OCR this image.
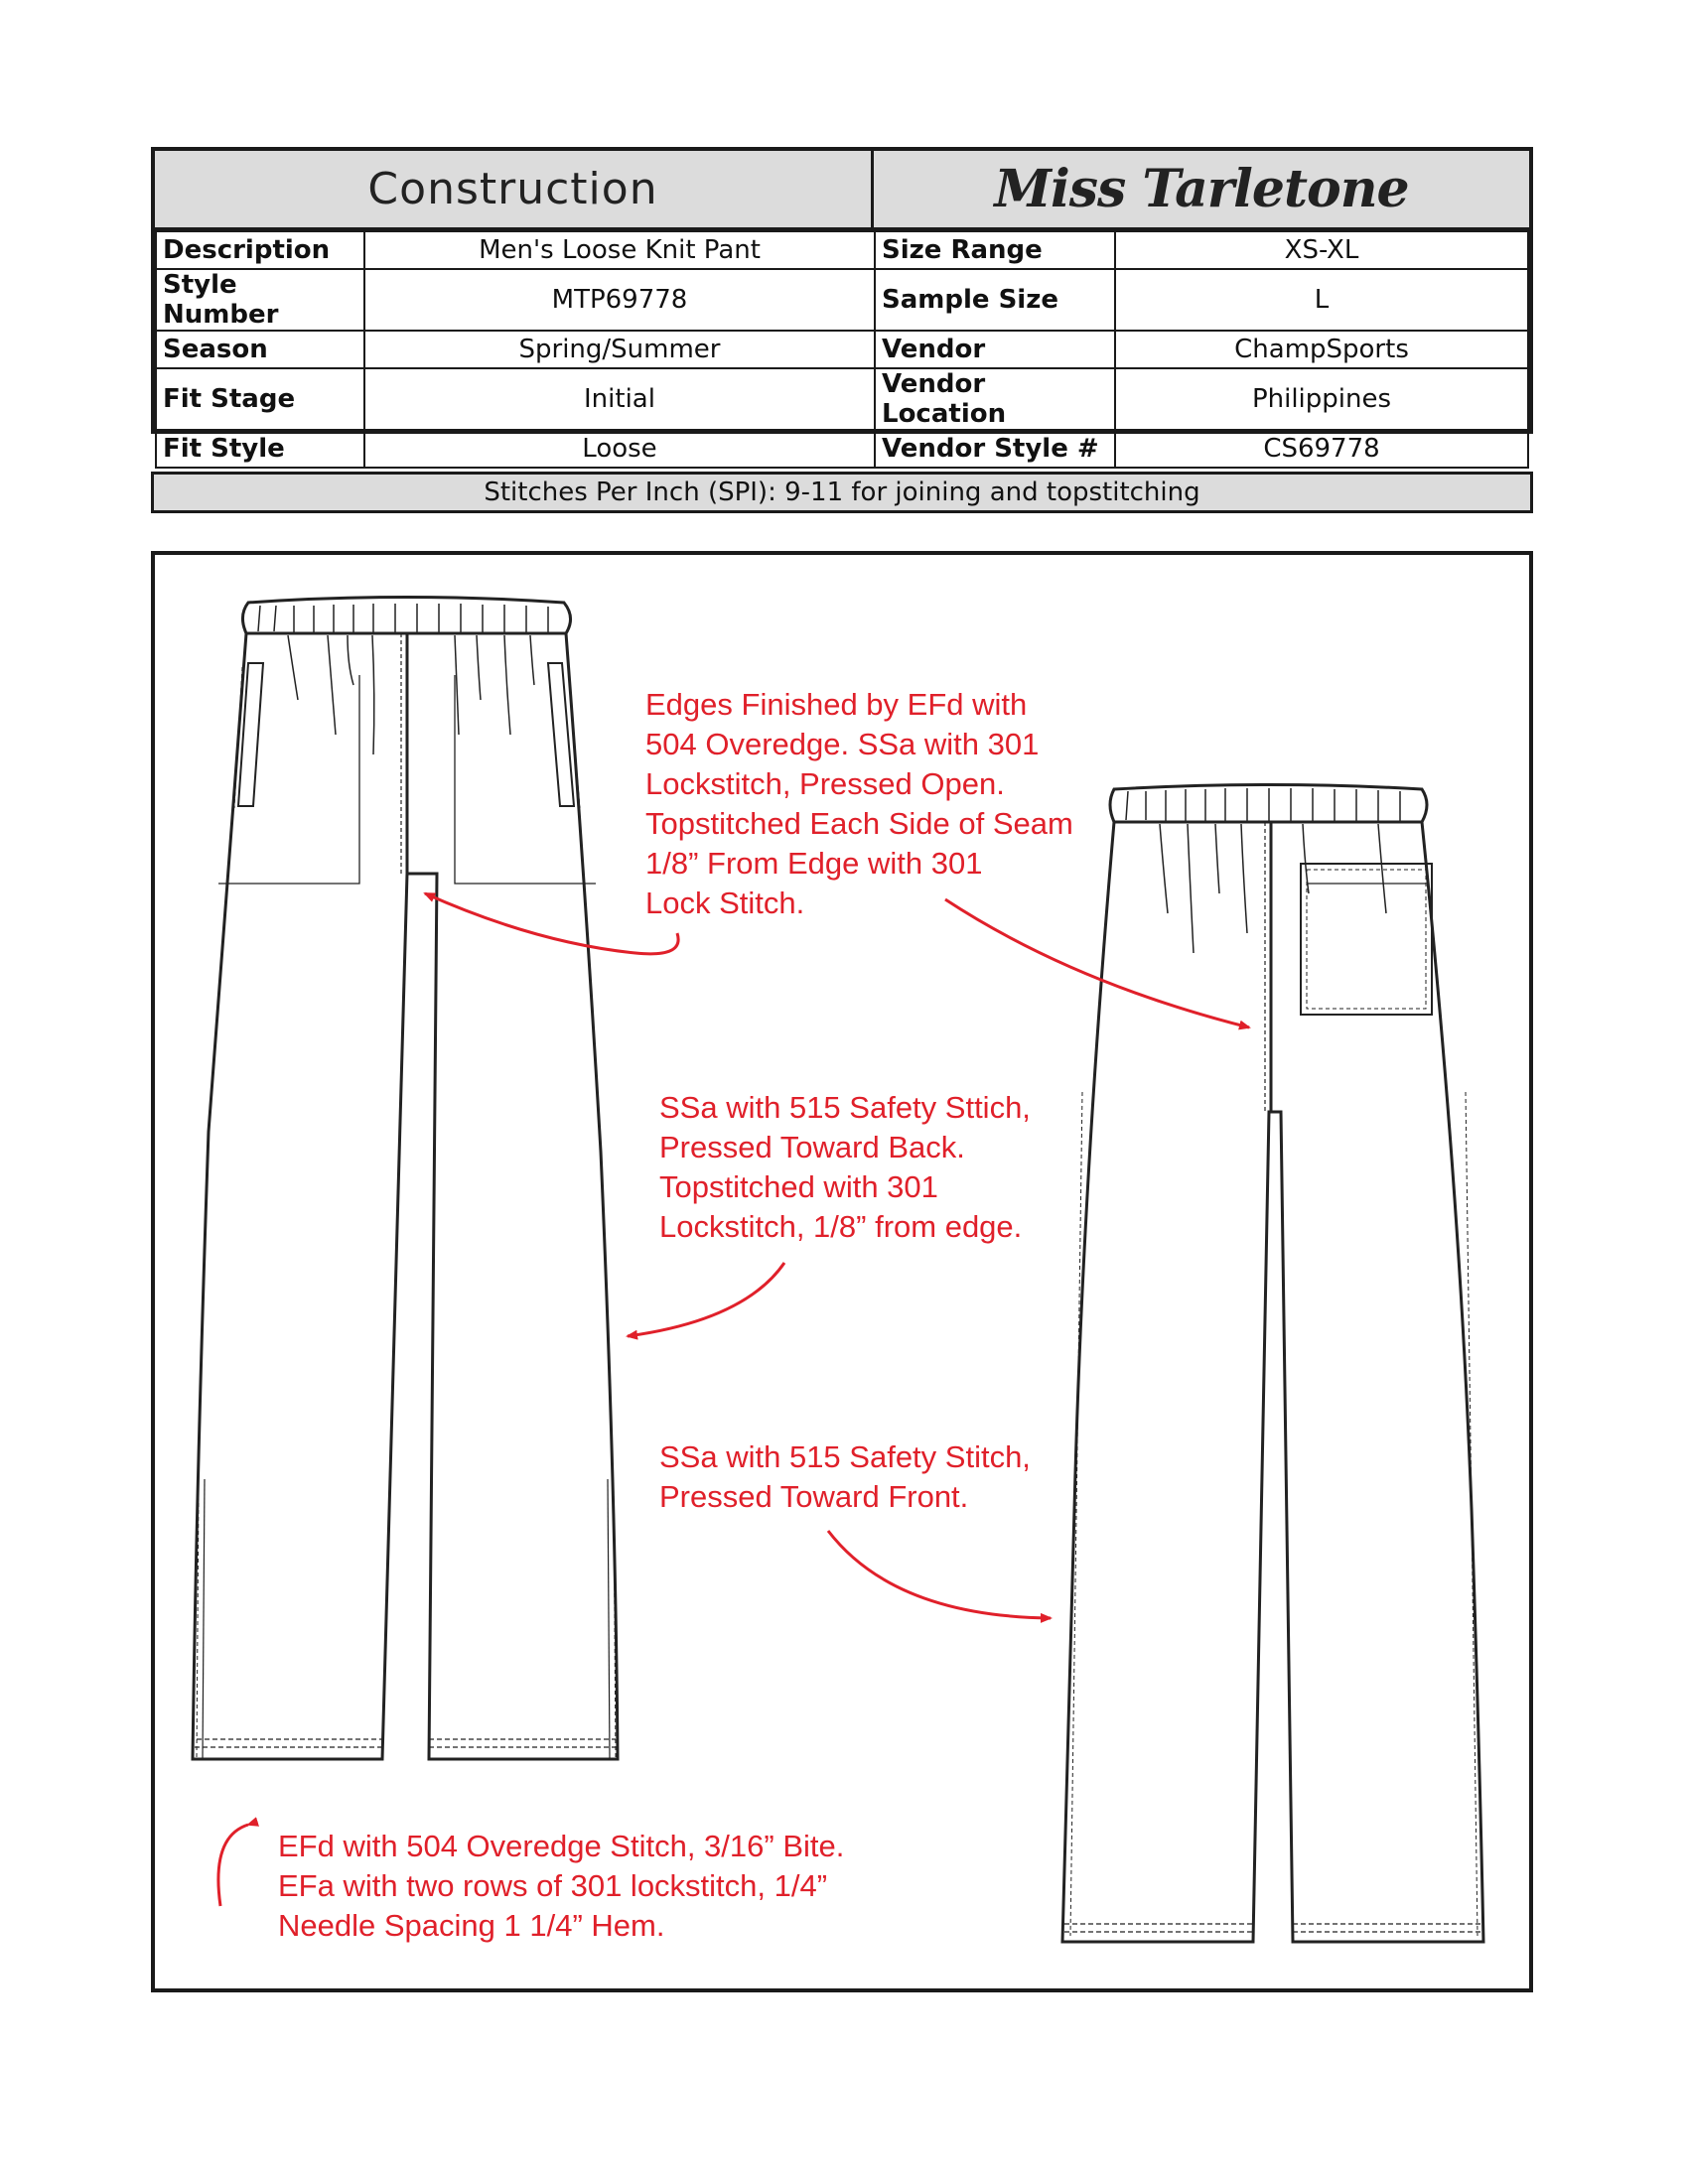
Construction	Miss Tarletone
Description	Men's Loose Knit Pant	Size Range	XS-XL
Style Number	MTP69778	Sample Size	L
Season	Spring/Summer	Vendor	ChampSports
Fit Stage	Initial	Vendor Location	Philippines
Fit Style	Loose	Vendor Style #	CS69778
Stitches Per Inch (SPI): 9-11 for joining and topstitching
Edges Finished by EFd with
504 Overedge. SSa with 301
Lockstitch, Pressed Open.
Topstitched Each Side of Seam
1/8” From Edge with 301
Lock Stitch.
SSa with 515 Safety Sttich,
Pressed Toward Back.
Topstitched with 301
Lockstitch, 1/8” from edge.
SSa with 515 Safety Stitch,
Pressed Toward Front.
EFd with 504 Overedge Stitch, 3/16” Bite.
EFa with two rows of 301 lockstitch, 1/4”
Needle Spacing 1 1/4” Hem.
